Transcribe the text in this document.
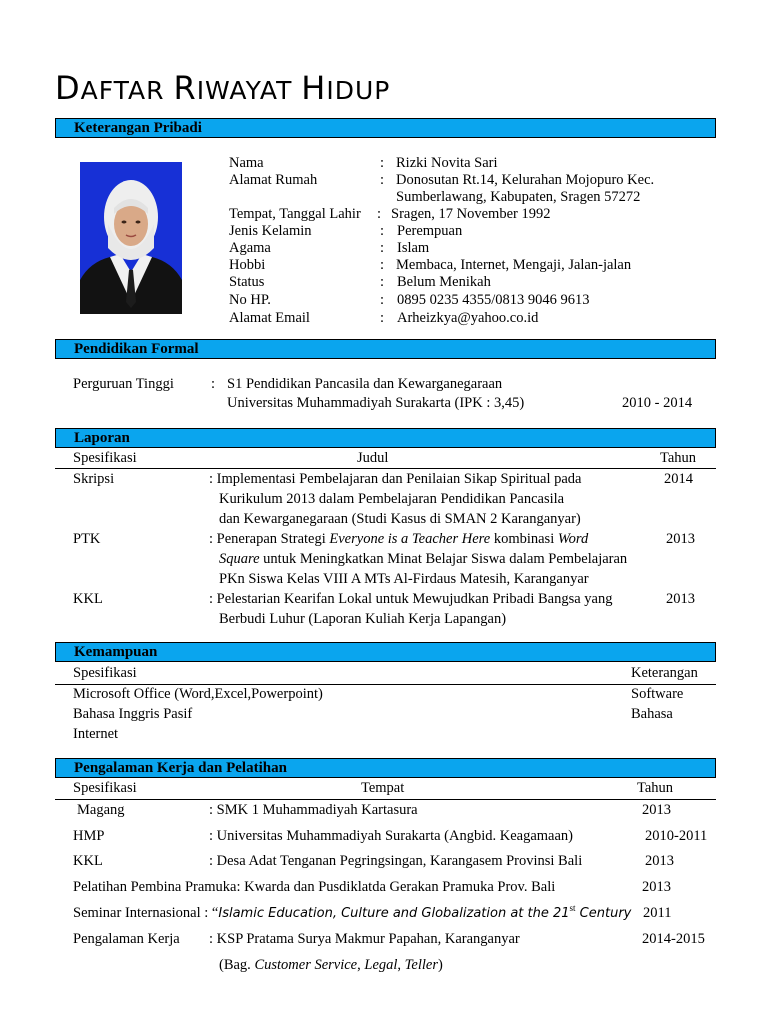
DAFTAR RIWAYAT HIDUP
Keterangan Pribadi
Nama	: Rizki Novita Sari
Alamat Rumah	: Donosutan Rt.14, Kelurahan Mojopuro Kec.
Sumberlawang, Kabupaten, Sragen 57272
Tempat, Tanggal Lahir : Sragen, 17 November 1992
Jenis Kelamin	: Perempuan
Agama	: Islam
Hobbi	: Membaca, Internet, Mengaji, Jalan-jalan
Status	: Belum Menikah
No HP.	: 0895 0235 4355/0813 9046 9613
Alamat Email	: Arheizkya@yahoo.co.id
Pendidikan Formal
Perguruan Tinggi	: S1 Pendidikan Pancasila dan Kewarganegaraan
Universitas Muhammadiyah Surakarta (IPK : 3,45)	2010 - 2014
Laporan
Spesifikasi	Judul	Tahun
Skripsi	: Implementasi Pembelajaran dan Penilaian Sikap Spiritual pada
Kurikulum 2013 dalam Pembelajaran Pendidikan Pancasila
dan Kewarganegaraan (Studi Kasus di SMAN 2 Karanganyar)
2014
PTK	: Penerapan Strategi Everyone is a Teacher Here kombinasi Word
Square untuk Meningkatkan Minat Belajar Siswa dalam Pembelajaran
PKn Siswa Kelas VIII A MTs Al-Firdaus Matesih, Karanganyar
2013
KKL	: Pelestarian Kearifan Lokal untuk Mewujudkan Pribadi Bangsa yang
Berbudi Luhur (Laporan Kuliah Kerja Lapangan)
2013
Kemampuan
Spesifikasi	Keterangan
Microsoft Office (Word,Excel,Powerpoint)	Software
Bahasa Inggris Pasif	Bahasa
Internet
Pengalaman Kerja dan Pelatihan
Spesifikasi	Tempat	Tahun
Magang	: SMK 1 Muhammadiyah Kartasura	2013
HMP	: Universitas Muhammadiyah Surakarta (Angbid. Keagamaan)	2010-2011
KKL	: Desa Adat Tenganan Pegringsingan, Karangasem Provinsi Bali	2013
Pelatihan Pembina Pramuka: Kwarda dan Pusdiklatda Gerakan Pramuka Prov. Bali	2013
Seminar Internasional : “Islamic Education, Culture and Globalization at the 21st Century 2011
Pengalaman Kerja : KSP Pratama Surya Makmur Papahan, Karanganyar	2014-2015
(Bag. Customer Service, Legal, Teller)
